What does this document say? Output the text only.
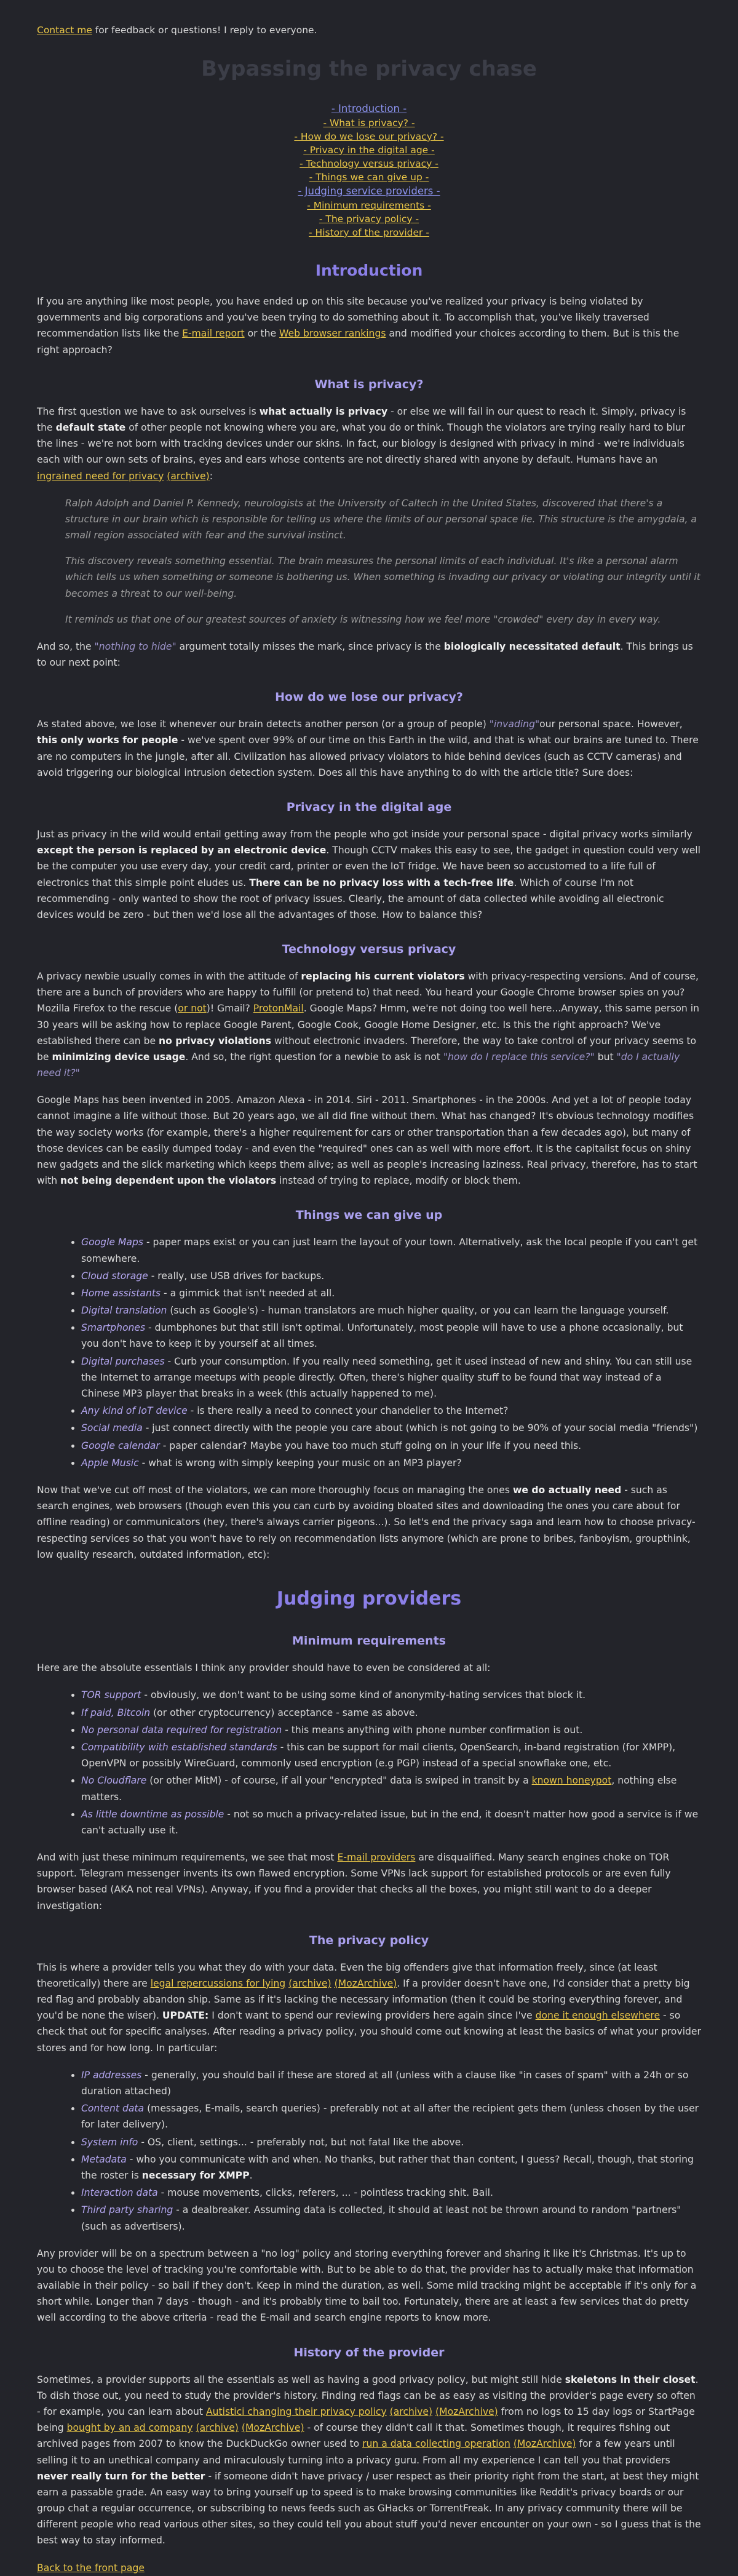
Contact me for feedback or questions! I reply to everyone.

Bypassing the privacy chase
- Introduction -
- What is privacy? -
- How do we lose our privacy? -
- Privacy in the digital age -
- Technology versus privacy -
- Things we can give up -
- Judging service providers -
- Minimum requirements -
- The privacy policy -
- History of the provider -
Introduction

If you are anything like most people, you have ended up on this site because you've realized your privacy is being violated by governments and big corporations and you've been trying to do something about it. To accomplish that, you've likely traversed recommendation lists like the E-mail report or the Web browser rankings and modified your choices according to them. But is this the right approach?

What is privacy?

The first question we have to ask ourselves is what actually is privacy - or else we will fail in our quest to reach it. Simply, privacy is the default state of other people not knowing where you are, what you do or think. Though the violators are trying really hard to blur the lines - we're not born with tracking devices under our skins. In fact, our biology is designed with privacy in mind - we're individuals each with our own sets of brains, eyes and ears whose contents are not directly shared with anyone by default. Humans have an ingrained need for privacy (archive):

Ralph Adolph and Daniel P. Kennedy, neurologists at the University of Caltech in the United States, discovered that there's a structure in our brain which is responsible for telling us where the limits of our personal space lie. This structure is the amygdala, a small region associated with fear and the survival instinct.

This discovery reveals something essential. The brain measures the personal limits of each individual. It's like a personal alarm which tells us when something or someone is bothering us. When something is invading our privacy or violating our integrity until it becomes a threat to our well-being.

It reminds us that one of our greatest sources of anxiety is witnessing how we feel more "crowded" every day in every way.

And so, the "nothing to hide" argument totally misses the mark, since privacy is the biologically necessitated default. This brings us to our next point:

How do we lose our privacy?

As stated above, we lose it whenever our brain detects another person (or a group of people) "invading"our personal space. However, this only works for people - we've spent over 99% of our time on this Earth in the wild, and that is what our brains are tuned to. There are no computers in the jungle, after all. Civilization has allowed privacy violators to hide behind devices (such as CCTV cameras) and avoid triggering our biological intrusion detection system. Does all this have anything to do with the article title? Sure does:

Privacy in the digital age

Just as privacy in the wild would entail getting away from the people who got inside your personal space - digital privacy works similarly except the person is replaced by an electronic device. Though CCTV makes this easy to see, the gadget in question could very well be the computer you use every day, your credit card, printer or even the IoT fridge. We have been so accustomed to a life full of electronics that this simple point eludes us. There can be no privacy loss with a tech-free life. Which of course I'm not recommending - only wanted to show the root of privacy issues. Clearly, the amount of data collected while avoiding all electronic devices would be zero - but then we'd lose all the advantages of those. How to balance this?

Technology versus privacy

A privacy newbie usually comes in with the attitude of replacing his current violators with privacy-respecting versions. And of course, there are a bunch of providers who are happy to fulfill (or pretend to) that need. You heard your Google Chrome browser spies on you? Mozilla Firefox to the rescue (or not)! Gmail? ProtonMail. Google Maps? Hmm, we're not doing too well here...Anyway, this same person in 30 years will be asking how to replace Google Parent, Google Cook, Google Home Designer, etc. Is this the right approach? We've established there can be no privacy violations without electronic invaders. Therefore, the way to take control of your privacy seems to be minimizing device usage. And so, the right question for a newbie to ask is not "how do I replace this service?" but "do I actually need it?"

Google Maps has been invented in 2005. Amazon Alexa - in 2014. Siri - 2011. Smartphones - in the 2000s. And yet a lot of people today cannot imagine a life without those. But 20 years ago, we all did fine without them. What has changed? It's obvious technology modifies the way society works (for example, there's a higher requirement for cars or other transportation than a few decades ago), but many of those devices can be easily dumped today - and even the "required" ones can as well with more effort. It is the capitalist focus on shiny new gadgets and the slick marketing which keeps them alive; as well as people's increasing laziness. Real privacy, therefore, has to start with not being dependent upon the violators instead of trying to replace, modify or block them.

Things we can give up
• Google Maps - paper maps exist or you can just learn the layout of your town. Alternatively, ask the local people if you can't get somewhere.
• Cloud storage - really, use USB drives for backups.
• Home assistants - a gimmick that isn't needed at all.
• Digital translation (such as Google's) - human translators are much higher quality, or you can learn the language yourself.
• Smartphones - dumbphones but that still isn't optimal. Unfortunately, most people will have to use a phone occasionally, but you don't have to keep it by yourself at all times.
• Digital purchases - Curb your consumption. If you really need something, get it used instead of new and shiny. You can still use the Internet to arrange meetups with people directly. Often, there's higher quality stuff to be found that way instead of a Chinese MP3 player that breaks in a week (this actually happened to me).
• Any kind of IoT device - is there really a need to connect your chandelier to the Internet?
• Social media - just connect directly with the people you care about (which is not going to be 90% of your social media "friends")
• Google calendar - paper calendar? Maybe you have too much stuff going on in your life if you need this.
• Apple Music - what is wrong with simply keeping your music on an MP3 player?

Now that we've cut off most of the violators, we can more thoroughly focus on managing the ones we do actually need - such as search engines, web browsers (though even this you can curb by avoiding bloated sites and downloading the ones you care about for offline reading) or communicators (hey, there's always carrier pigeons...). So let's end the privacy saga and learn how to choose privacy-respecting services so that you won't have to rely on recommendation lists anymore (which are prone to bribes, fanboyism, groupthink, low quality research, outdated information, etc):

Judging providers
Minimum requirements

Here are the absolute essentials I think any provider should have to even be considered at all:

• TOR support - obviously, we don't want to be using some kind of anonymity-hating services that block it.
• If paid, Bitcoin (or other cryptocurrency) acceptance - same as above.
• No personal data required for registration - this means anything with phone number confirmation is out.
• Compatibility with established standards - this can be support for mail clients, OpenSearch, in-band registration (for XMPP), OpenVPN or possibly WireGuard, commonly used encryption (e.g PGP) instead of a special snowflake one, etc.
• No Cloudflare (or other MitM) - of course, if all your "encrypted" data is swiped in transit by a known honeypot, nothing else matters.
• As little downtime as possible - not so much a privacy-related issue, but in the end, it doesn't matter how good a service is if we can't actually use it.

And with just these minimum requirements, we see that most E-mail providers are disqualified. Many search engines choke on TOR support. Telegram messenger invents its own flawed encryption. Some VPNs lack support for established protocols or are even fully browser based (AKA not real VPNs). Anyway, if you find a provider that checks all the boxes, you might still want to do a deeper investigation:

The privacy policy

This is where a provider tells you what they do with your data. Even the big offenders give that information freely, since (at least theoretically) there are legal repercussions for lying (archive) (MozArchive). If a provider doesn't have one, I'd consider that a pretty big red flag and probably abandon ship. Same as if it's lacking the necessary information (then it could be storing everything forever, and you'd be none the wiser). UPDATE: I don't want to spend our reviewing providers here again since I've done it enough elsewhere - so check that out for specific analyses. After reading a privacy policy, you should come out knowing at least the basics of what your provider stores and for how long. In particular:

• IP addresses - generally, you should bail if these are stored at all (unless with a clause like "in cases of spam" with a 24h or so duration attached)
• Content data (messages, E-mails, search queries) - preferably not at all after the recipient gets them (unless chosen by the user for later delivery).
• System info - OS, client, settings... - preferably not, but not fatal like the above.
• Metadata - who you communicate with and when. No thanks, but rather that than content, I guess? Recall, though, that storing the roster is necessary for XMPP.
• Interaction data - mouse movements, clicks, referers, ... - pointless tracking shit. Bail.
• Third party sharing - a dealbreaker. Assuming data is collected, it should at least not be thrown around to random "partners" (such as advertisers).

Any provider will be on a spectrum between a "no log" policy and storing everything forever and sharing it like it's Christmas. It's up to you to choose the level of tracking you're comfortable with. But to be able to do that, the provider has to actually make that information available in their policy - so bail if they don't. Keep in mind the duration, as well. Some mild tracking might be acceptable if it's only for a short while. Longer than 7 days - though - and it's probably time to bail too. Fortunately, there are at least a few services that do pretty well according to the above criteria - read the E-mail and search engine reports to know more.

History of the provider

Sometimes, a provider supports all the essentials as well as having a good privacy policy, but might still hide skeletons in their closet. To dish those out, you need to study the provider's history. Finding red flags can be as easy as visiting the provider's page every so often - for example, you can learn about Autistici changing their privacy policy (archive) (MozArchive) from no logs to 15 day logs or StartPage being bought by an ad company (archive) (MozArchive) - of course they didn't call it that. Sometimes though, it requires fishing out archived pages from 2007 to know the DuckDuckGo owner used to run a data collecting operation (MozArchive) for a few years until selling it to an unethical company and miraculously turning into a privacy guru. From all my experience I can tell you that providers never really turn for the better - if someone didn't have privacy / user respect as their priority right from the start, at best they might earn a passable grade. An easy way to bring yourself up to speed is to make browsing communities like Reddit's privacy boards or our group chat a regular occurrence, or subscribing to news feeds such as GHacks or TorrentFreak. In any privacy community there will be different people who read various other sites, so they could tell you about stuff you'd never encounter on your own - so I guess that is the best way to stay informed.

Back to the front page
